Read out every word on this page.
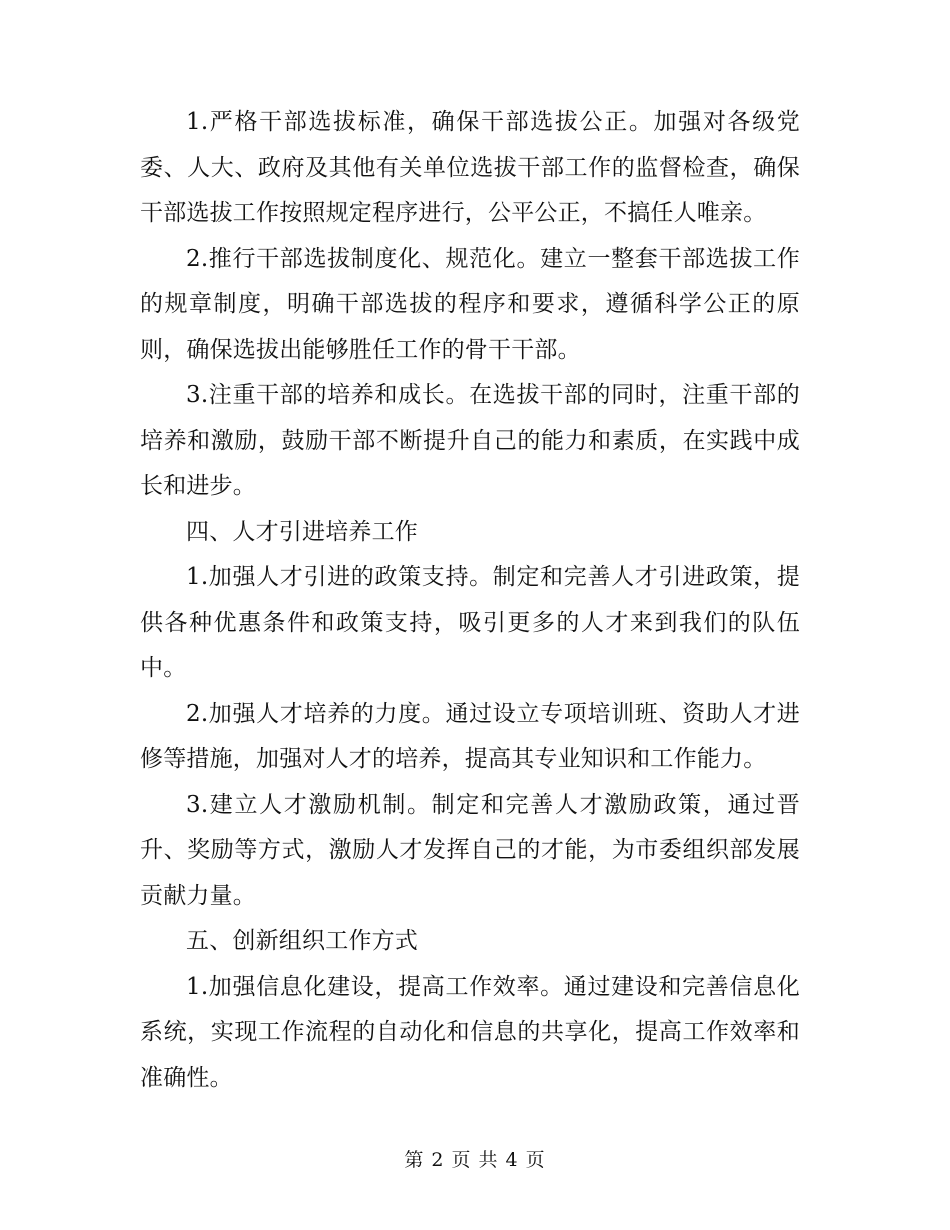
1.严格干部选拔标准，确保干部选拔公正。加强对各级党委、人大、政府及其他有关单位选拔干部工作的监督检查，确保干部选拔工作按照规定程序进行，公平公正，不搞任人唯亲。

2.推行干部选拔制度化、规范化。建立一整套干部选拔工作的规章制度，明确干部选拔的程序和要求，遵循科学公正的原则，确保选拔出能够胜任工作的骨干干部。

3.注重干部的培养和成长。在选拔干部的同时，注重干部的培养和激励，鼓励干部不断提升自己的能力和素质，在实践中成长和进步。

四、人才引进培养工作

1.加强人才引进的政策支持。制定和完善人才引进政策，提供各种优惠条件和政策支持，吸引更多的人才来到我们的队伍中。

2.加强人才培养的力度。通过设立专项培训班、资助人才进修等措施，加强对人才的培养，提高其专业知识和工作能力。

3.建立人才激励机制。制定和完善人才激励政策，通过晋升、奖励等方式，激励人才发挥自己的才能，为市委组织部发展贡献力量。

五、创新组织工作方式

1.加强信息化建设，提高工作效率。通过建设和完善信息化系统，实现工作流程的自动化和信息的共享化，提高工作效率和准确性。

第 2 页 共 4 页
